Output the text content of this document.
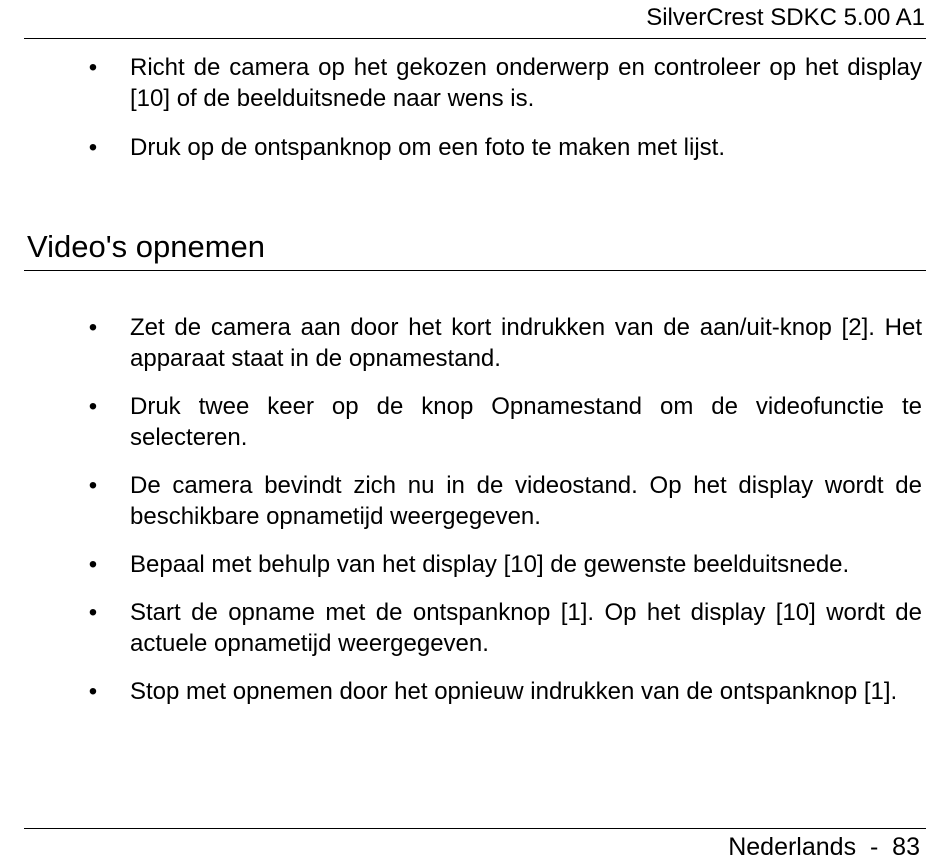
SilverCrest SDKC 5.00 A1
• Richt de camera op het gekozen onderwerp en controleer op het display [10] of de beelduitsnede naar wens is.
• Druk op de ontspanknop om een foto te maken met lijst.
Video's opnemen
• Zet de camera aan door het kort indrukken van de aan/uit-knop [2]. Het apparaat staat in de opnamestand.
• Druk twee keer op de knop Opnamestand om de videofunctie te selecteren.
• De camera bevindt zich nu in de videostand. Op het display wordt de beschikbare opnametijd weergegeven.
• Bepaal met behulp van het display [10] de gewenste beelduitsnede.
• Start de opname met de ontspanknop [1]. Op het display [10] wordt de actuele opnametijd weergegeven.
• Stop met opnemen door het opnieuw indrukken van de ontspanknop [1].
Nederlands  -  83
